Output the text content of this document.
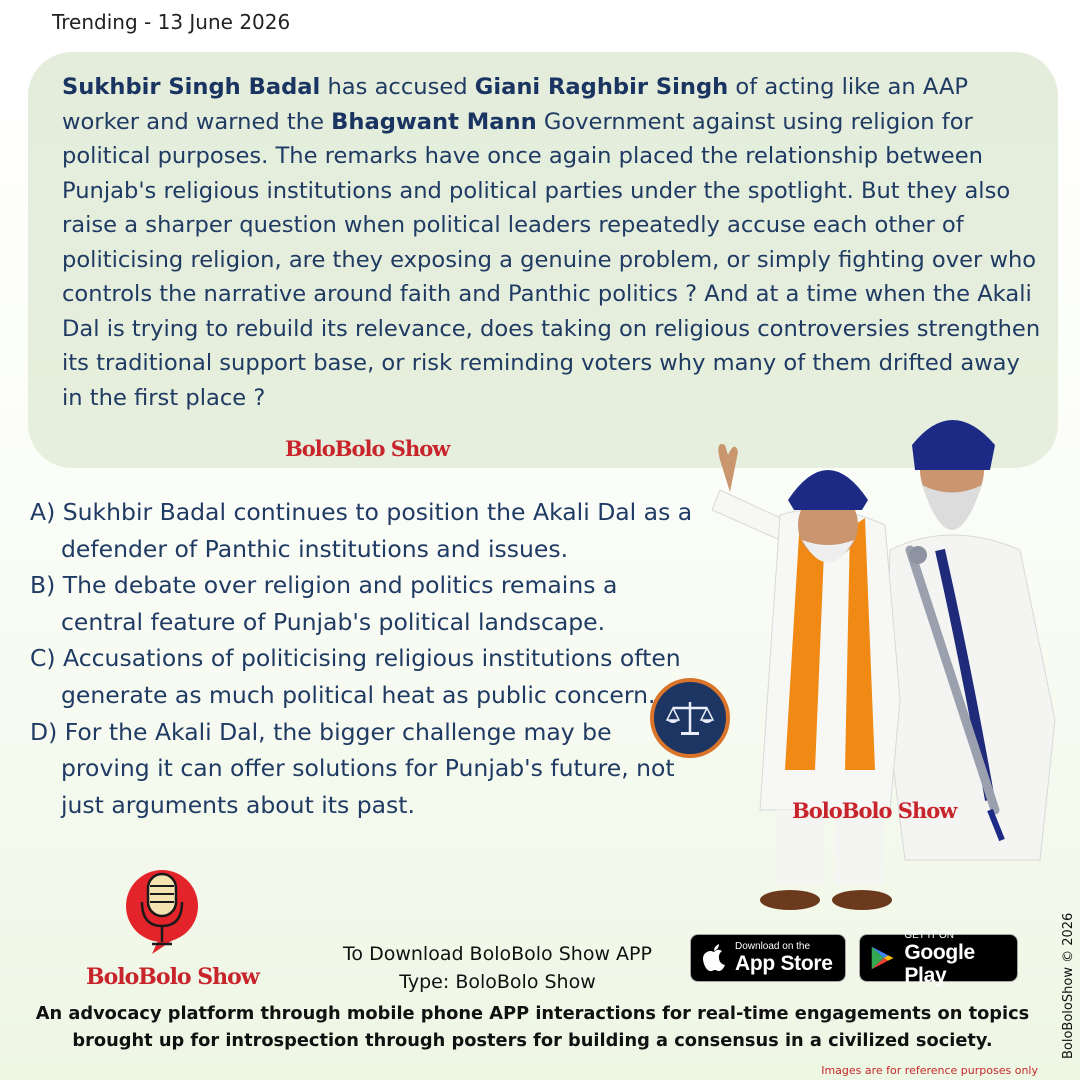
Trending - 13 June 2026
Sukhbir Singh Badal has accused Giani Raghbir Singh of acting like an AAP worker and warned the Bhagwant Mann Government against using religion for political purposes. The remarks have once again placed the relationship between Punjab's religious institutions and political parties under the spotlight. But they also raise a sharper question when political leaders repeatedly accuse each other of politicising religion, are they exposing a genuine problem, or simply fighting over who controls the narrative around faith and Panthic politics ? And at a time when the Akali Dal is trying to rebuild its relevance, does taking on religious controversies strengthen its traditional support base, or risk reminding voters why many of them drifted away in the first place ?
BoloBolo Show
A) Sukhbir Badal continues to position the Akali Dal as a defender of Panthic institutions and issues.
B) The debate over religion and politics remains a central feature of Punjab's political landscape.
C) Accusations of politicising religious institutions often generate as much political heat as public concern.
D) For the Akali Dal, the bigger challenge may be proving it can offer solutions for Punjab's future, not just arguments about its past.	BoloBolo Show
BoloBolo Show
To Download BoloBolo Show APP
Type: BoloBolo Show
Download on the
App Store
GET IT ON
Google Play
An advocacy platform through mobile phone APP interactions for real-time engagements on topics brought up for introspection through posters for building a consensus in a civilized society.	BoloBoloShow © 2026
Images are for reference purposes only
